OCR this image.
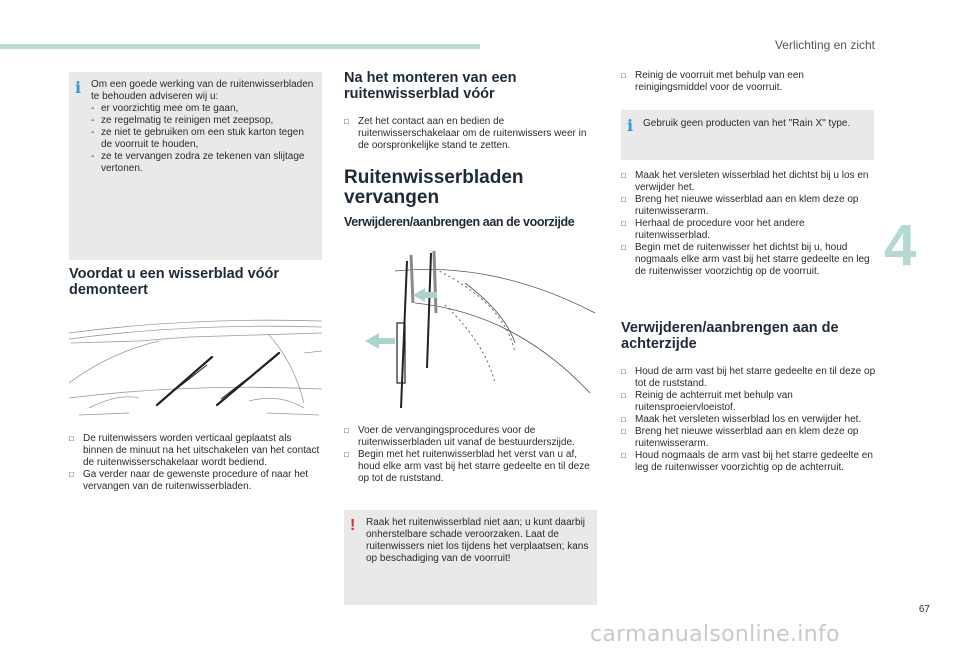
Verlichting en zicht
4
i Om een goede werking van de ruitenwisserbladen te behouden adviseren wij u:
- er voorzichtig mee om te gaan,
- ze regelmatig te reinigen met zeepsop,
- ze niet te gebruiken om een stuk karton tegen de voorruit te houden,
- ze te vervangen zodra ze tekenen van slijtage vertonen.
Voordat u een wisserblad vóór demonteert
□ De ruitenwissers worden verticaal geplaatst als binnen de minuut na het uitschakelen van het contact de ruitenwisserschakelaar wordt bediend.
□ Ga verder naar de gewenste procedure of naar het vervangen van de ruitenwisserbladen.
Na het monteren van een ruitenwisserblad vóór
□ Zet het contact aan en bedien de ruitenwisserschakelaar om de ruitenwissers weer in de oorspronkelijke stand te zetten.
Ruitenwisserbladen vervangen
Verwijderen/aanbrengen aan de voorzijde
□ Voer de vervangingsprocedures voor de ruitenwisserbladen uit vanaf de bestuurderszijde.
□ Begin met het ruitenwisserblad het verst van u af, houd elke arm vast bij het starre gedeelte en til deze op tot de ruststand.
! Raak het ruitenwisserblad niet aan; u kunt daarbij onherstelbare schade veroorzaken. Laat de ruitenwissers niet los tijdens het verplaatsen; kans op beschadiging van de voorruit!
□ Reinig de voorruit met behulp van een reinigingsmiddel voor de voorruit.
i Gebruik geen producten van het "Rain X" type.
□ Maak het versleten wisserblad het dichtst bij u los en verwijder het.
□ Breng het nieuwe wisserblad aan en klem deze op ruitenwisserarm.
□ Herhaal de procedure voor het andere ruitenwisserblad.
□ Begin met de ruitenwisser het dichtst bij u, houd nogmaals elke arm vast bij het starre gedeelte en leg de ruitenwisser voorzichtig op de voorruit.
Verwijderen/aanbrengen aan de achterzijde
□ Houd de arm vast bij het starre gedeelte en til deze op tot de ruststand.
□ Reinig de achterruit met behulp van ruitensproeiervloeistof.
□ Maak het versleten wisserblad los en verwijder het.
□ Breng het nieuwe wisserblad aan en klem deze op ruitenwisserarm.
□ Houd nogmaals de arm vast bij het starre gedeelte en leg de ruitenwisser voorzichtig op de achterruit.
67
carmanualsonline.info
